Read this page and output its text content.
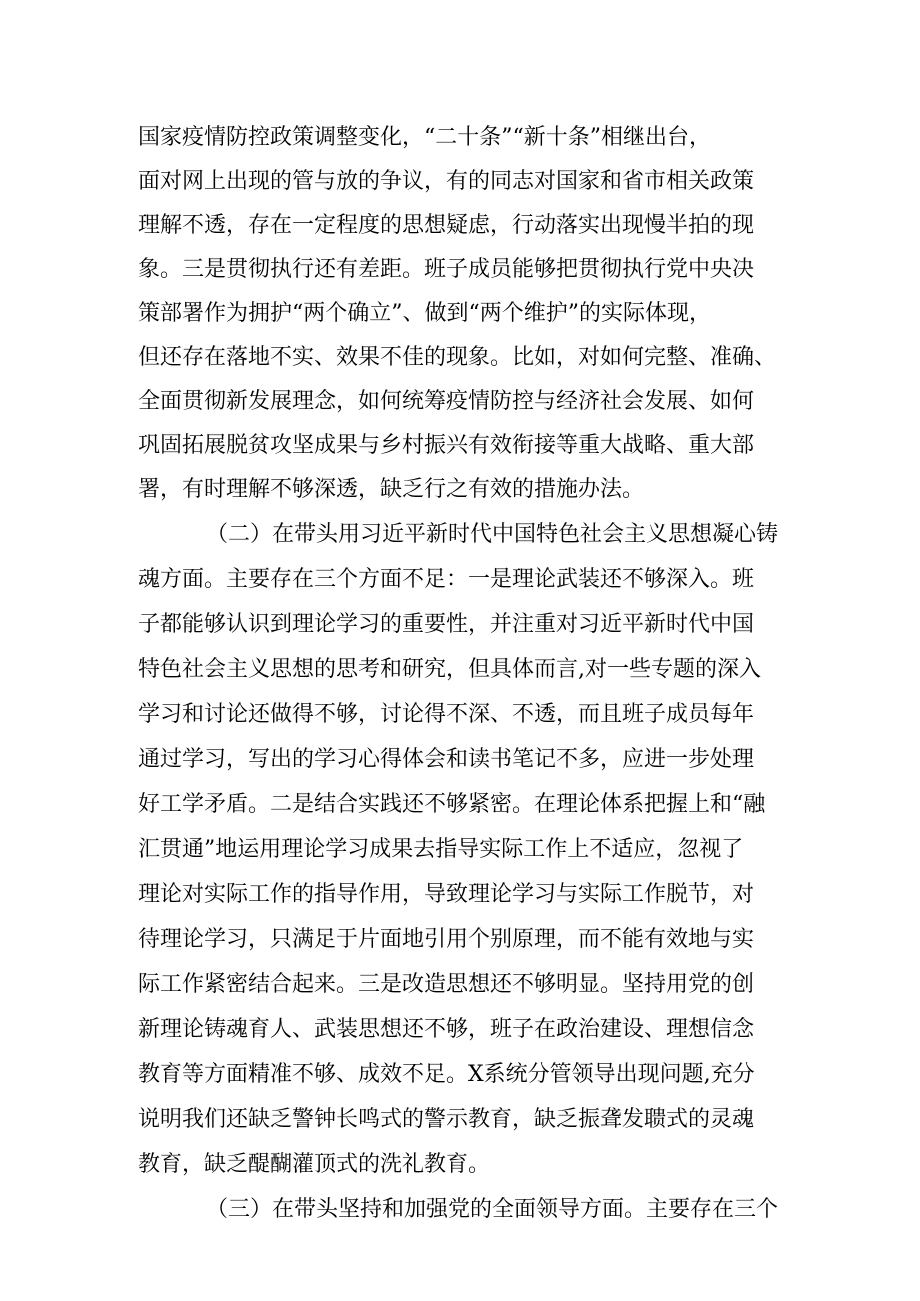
国家疫情防控政策调整变化，“二十条”“新十条”相继出台，
面对网上出现的管与放的争议，有的同志对国家和省市相关政策
理解不透，存在一定程度的思想疑虑，行动落实出现慢半拍的现
象。三是贯彻执行还有差距。班子成员能够把贯彻执行党中央决
策部署作为拥护“两个确立”、做到“两个维护”的实际体现，
但还存在落地不实、效果不佳的现象。比如，对如何完整、准确、
全面贯彻新发展理念，如何统筹疫情防控与经济社会发展、如何
巩固拓展脱贫攻坚成果与乡村振兴有效衔接等重大战略、重大部
署，有时理解不够深透，缺乏行之有效的措施办法。
（二）在带头用习近平新时代中国特色社会主义思想凝心铸
魂方面。主要存在三个方面不足：一是理论武装还不够深入。班
子都能够认识到理论学习的重要性，并注重对习近平新时代中国
特色社会主义思想的思考和研究，但具体而言,对一些专题的深入
学习和讨论还做得不够，讨论得不深、不透，而且班子成员每年
通过学习，写出的学习心得体会和读书笔记不多，应进一步处理
好工学矛盾。二是结合实践还不够紧密。在理论体系把握上和“融
汇贯通”地运用理论学习成果去指导实际工作上不适应，忽视了
理论对实际工作的指导作用，导致理论学习与实际工作脱节，对
待理论学习，只满足于片面地引用个别原理，而不能有效地与实
际工作紧密结合起来。三是改造思想还不够明显。坚持用党的创
新理论铸魂育人、武装思想还不够，班子在政治建设、理想信念
教育等方面精准不够、成效不足。X系统分管领导出现问题,充分
说明我们还缺乏警钟长鸣式的警示教育，缺乏振聋发聩式的灵魂
教育，缺乏醍醐灌顶式的洗礼教育。
（三）在带头坚持和加强党的全面领导方面。主要存在三个
